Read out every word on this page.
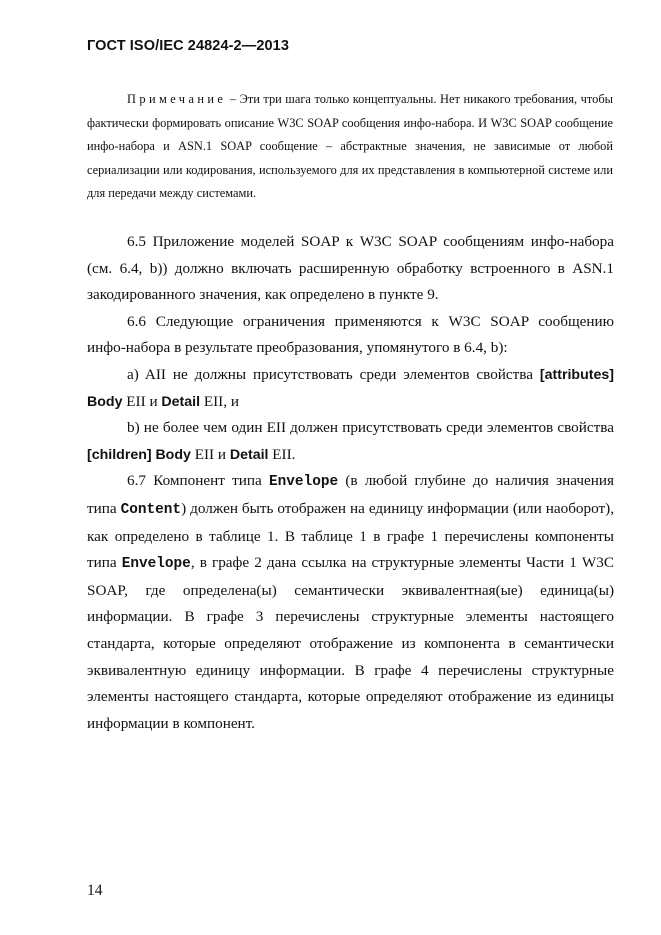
ГОСТ ISO/IEC 24824-2—2013
Примечание – Эти три шага только концептуальны. Нет никакого требования, чтобы фактически формировать описание W3C SOAP сообщения инфо-набора. И W3C SOAP сообщение инфо-набора и ASN.1 SOAP сообщение – абстрактные значения, не зависимые от любой сериализации или кодирования, используемого для их представления в компьютерной системе или для передачи между системами.

6.5 Приложение моделей SOAP к W3C SOAP сообщениям инфо-набора (см. 6.4, b)) должно включать расширенную обработку встроенного в ASN.1 закодированного значения, как определено в пункте 9.

6.6 Следующие ограничения применяются к W3C SOAP сообщению инфо-набора в результате преобразования, упомянутого в 6.4, b):

a) AII не должны присутствовать среди элементов свойства [attributes] Body EII и Detail EII, и

b) не более чем один EII должен присутствовать среди элементов свойства [children] Body EII и Detail EII.

6.7 Компонент типа Envelope (в любой глубине до наличия значения типа Content) должен быть отображен на единицу информации (или наоборот), как определено в таблице 1. В таблице 1 в графе 1 перечислены компоненты типа Envelope, в графе 2 дана ссылка на структурные элементы Части 1 W3C SOAP, где определена(ы) семантически эквивалентная(ые) единица(ы) информации. В графе 3 перечислены структурные элементы настоящего стандарта, которые определяют отображение из компонента в семантически эквивалентную единицу информации. В графе 4 перечислены структурные элементы настоящего стандарта, которые определяют отображение из единицы информации в компонент.

14
